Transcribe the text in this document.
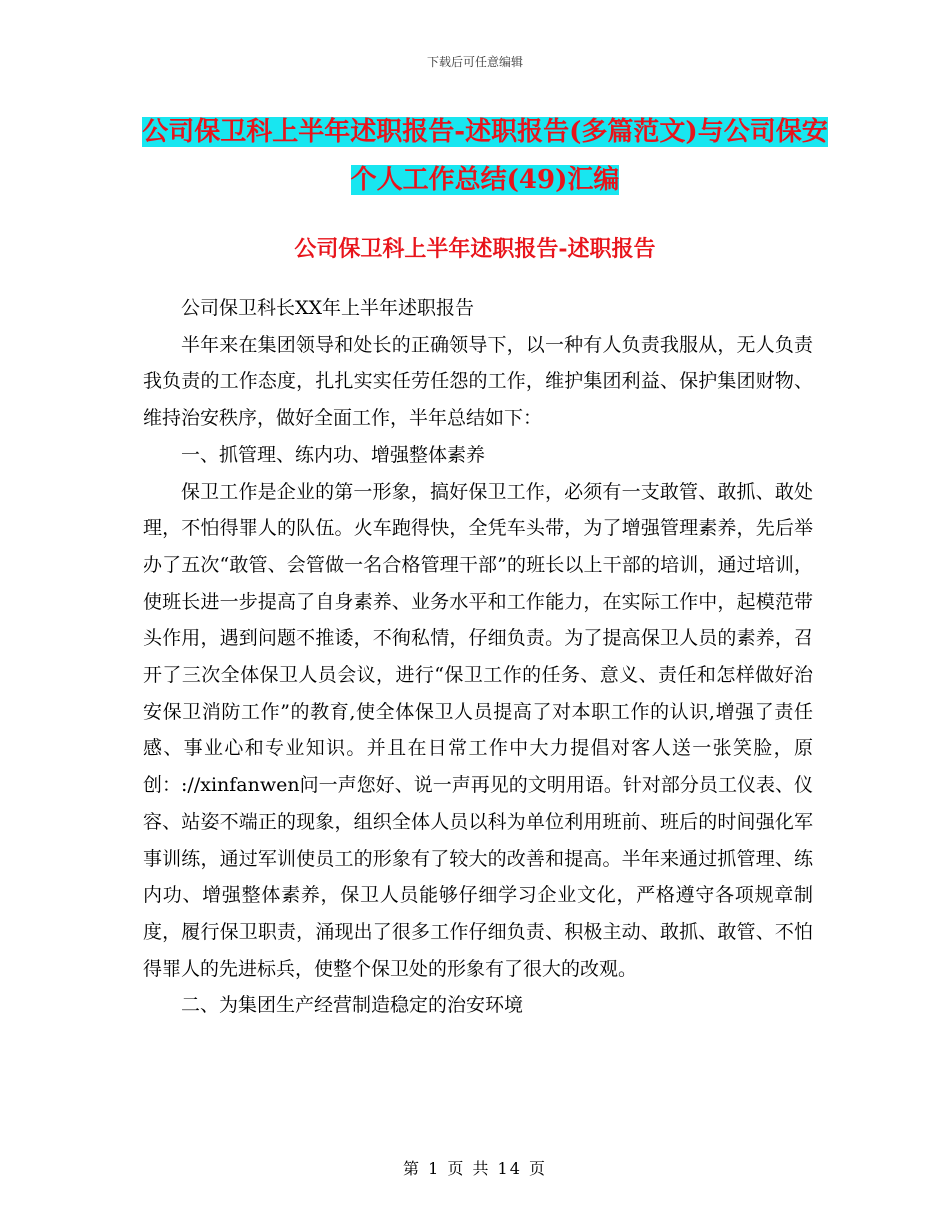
下载后可任意编辑
公司保卫科上半年述职报告-述职报告(多篇范文)与公司保安个人工作总结(49)汇编
公司保卫科上半年述职报告-述职报告

公司保卫科长XX年上半年述职报告

半年来在集团领导和处长的正确领导下，以一种有人负责我服从，无人负责我负责的工作态度，扎扎实实任劳任怨的工作，维护集团利益、保护集团财物、维持治安秩序，做好全面工作，半年总结如下：

一、抓管理、练内功、增强整体素养

保卫工作是企业的第一形象，搞好保卫工作，必须有一支敢管、敢抓、敢处理，不怕得罪人的队伍。火车跑得快，全凭车头带，为了增强管理素养，先后举办了五次“敢管、会管做一名合格管理干部”的班长以上干部的培训，通过培训，使班长进一步提高了自身素养、业务水平和工作能力，在实际工作中，起模范带头作用，遇到问题不推诿，不徇私情，仔细负责。为了提高保卫人员的素养，召开了三次全体保卫人员会议，进行“保卫工作的任务、意义、责任和怎样做好治安保卫消防工作”的教育,使全体保卫人员提高了对本职工作的认识,增强了责任感、事业心和专业知识。并且在日常工作中大力提倡对客人送一张笑脸，原创：://xinfanwen问一声您好、说一声再见的文明用语。针对部分员工仪表、仪容、站姿不端正的现象，组织全体人员以科为单位利用班前、班后的时间强化军事训练，通过军训使员工的形象有了较大的改善和提高。半年来通过抓管理、练内功、增强整体素养，保卫人员能够仔细学习企业文化，严格遵守各项规章制度，履行保卫职责，涌现出了很多工作仔细负责、积极主动、敢抓、敢管、不怕得罪人的先进标兵，使整个保卫处的形象有了很大的改观。

二、为集团生产经营制造稳定的治安环境

第 1 页 共 14 页
